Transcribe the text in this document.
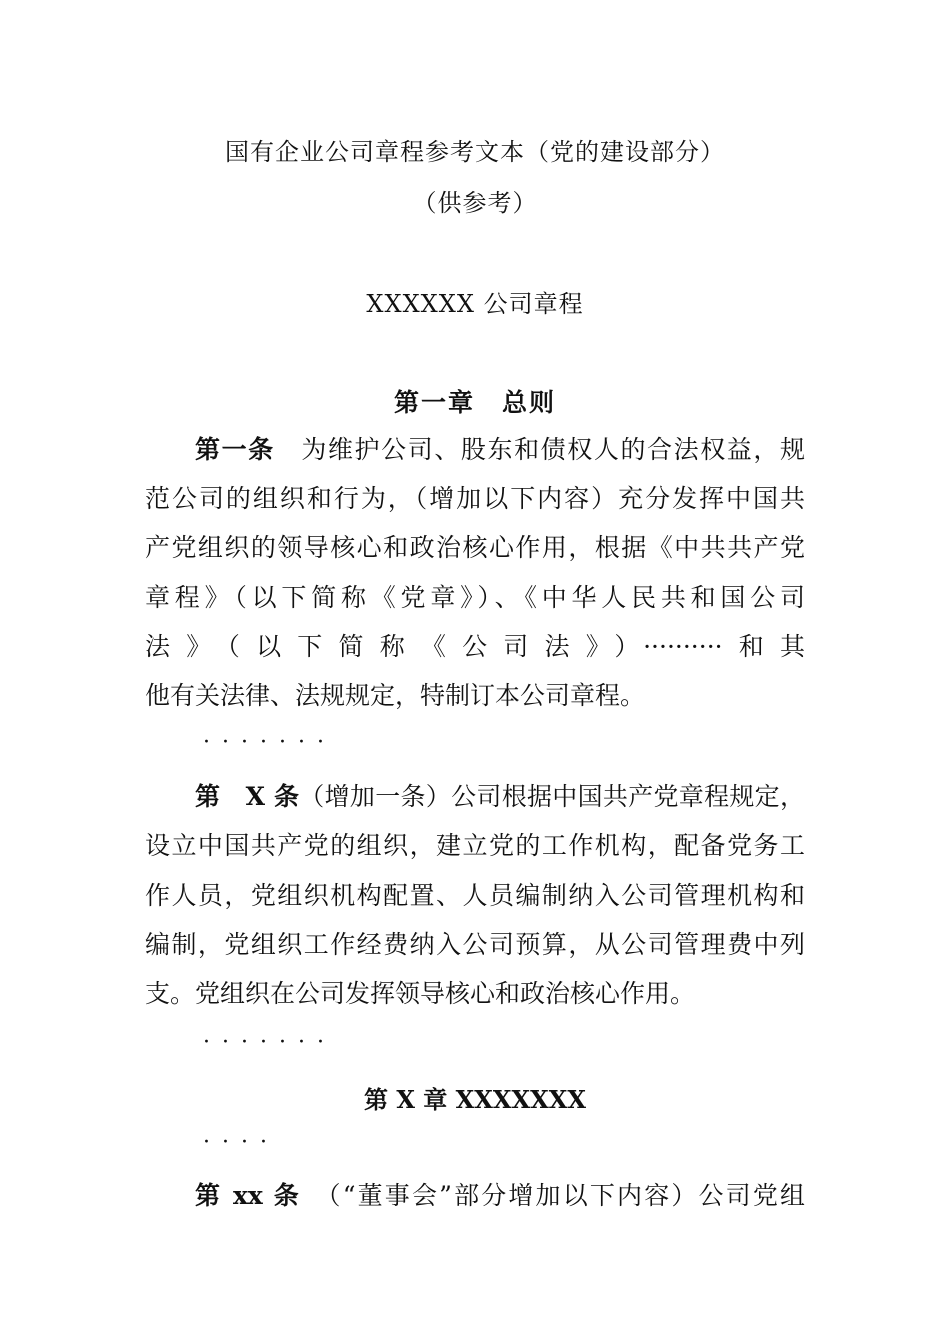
国有企业公司章程参考文本（党的建设部分）
（供参考）
XXXXXX 公司章程
第一章　总则
第一条　为维护公司、股东和债权人的合法权益，规
范公司的组织和行为，（增加以下内容）充分发挥中国共
产党组织的领导核心和政治核心作用，根据《中共共产党
章程》（以下简称《党章》）、《中华人民共和国公司
法》（以下简称《公司法》）··········和其
他有关法律、法规规定，特制订本公司章程。
·······
第　X 条（增加一条）公司根据中国共产党章程规定，
设立中国共产党的组织，建立党的工作机构，配备党务工
作人员，党组织机构配置、人员编制纳入公司管理机构和
编制，党组织工作经费纳入公司预算，从公司管理费中列
支。党组织在公司发挥领导核心和政治核心作用。
·······
第 X 章 XXXXXXX
····
第 xx 条　（“董事会”部分增加以下内容）公司党组
